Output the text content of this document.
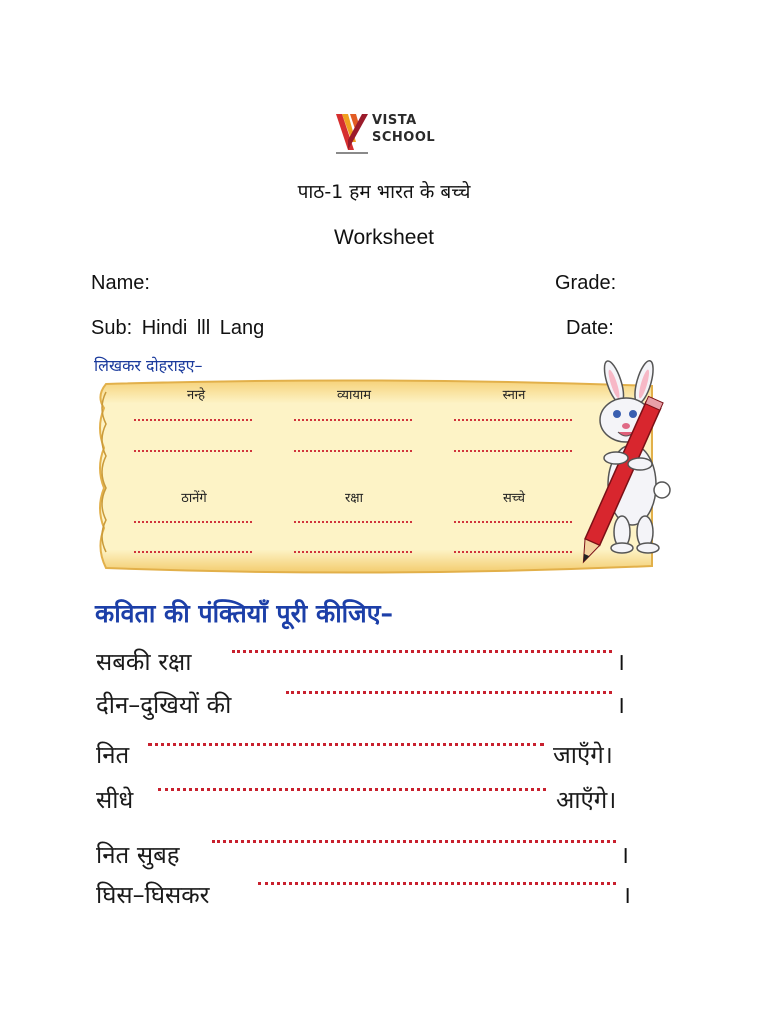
VISTA
SCHOOL
पाठ-1 हम भारत के बच्चे
Worksheet
Name:	Grade:
Sub: Hindi lll Lang	Date:
लिखकर दोहराइए–
नन्हे	व्यायाम	स्नान
ठानेंगे	रक्षा	सच्चे
कविता की पंक्तियाँ पूरी कीजिए–
सबकी रक्षा	।
दीन–दुखियों की	।
नित	जाएँगे।
सीधे	आएँगे।
नित सुबह	।
घिस–घिसकर	।
